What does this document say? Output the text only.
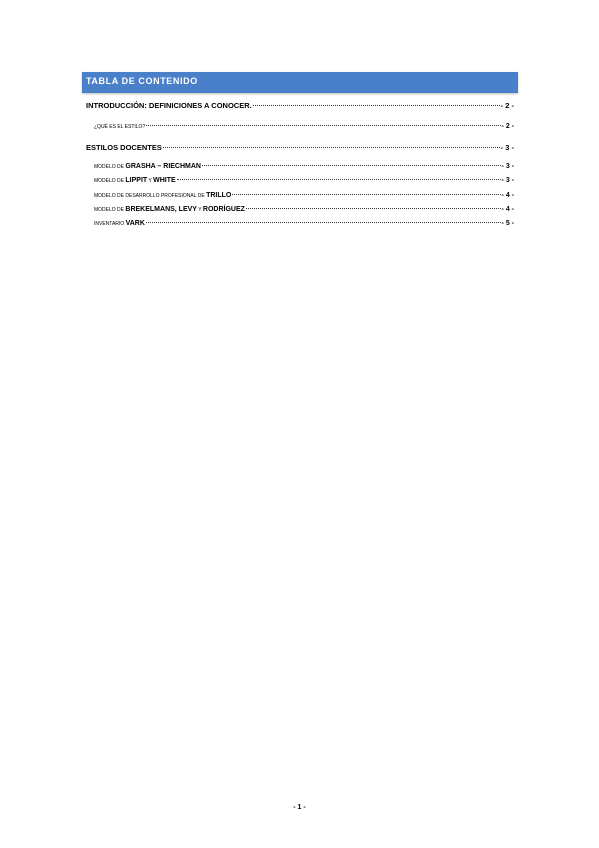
TABLA DE CONTENIDO
INTRODUCCIÓN: DEFINICIONES A CONOCER.	- 2 -
¿QUÉ ES EL ESTILO?	- 2 -
ESTILOS DOCENTES	- 3 -
MODELO DE GRASHA – RIECHMAN	- 3 -
MODELO DE LIPPIT Y WHITE	- 3 -
MODELO DE DESARROLLO PROFESIONAL DE TRILLO	- 4 -
MODELO DE BREKELMANS, LEVY Y RODRÍGUEZ	- 4 -
INVENTARIO VARK	- 5 -
- 1 -
